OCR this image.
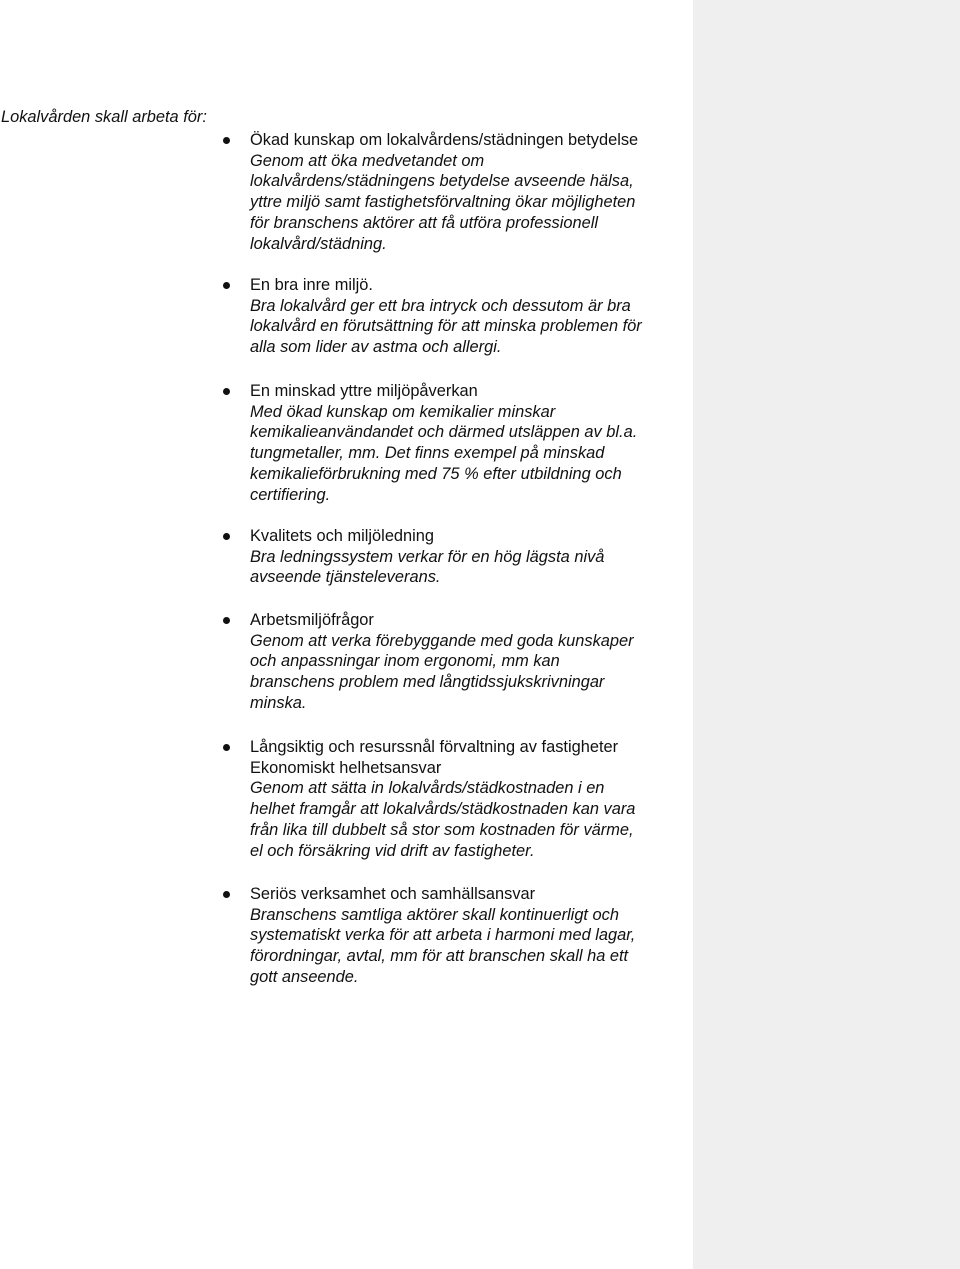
Lokalvården skall arbeta för:
Ökad kunskap om lokalvårdens/städningen betydelse
Genom att öka medvetandet om
lokalvårdens/städningens betydelse avseende hälsa,
yttre miljö samt fastighetsförvaltning ökar möjligheten
för branschens aktörer att få utföra professionell
lokalvård/städning.
En bra inre miljö.
Bra lokalvård ger ett bra intryck och dessutom är bra
lokalvård en förutsättning för att minska problemen för
alla som lider av astma och allergi.
En minskad yttre miljöpåverkan
Med ökad kunskap om kemikalier minskar
kemikalieanvändandet och därmed utsläppen av bl.a.
tungmetaller, mm. Det finns exempel på minskad
kemikalieförbrukning med 75 % efter utbildning och
certifiering.
Kvalitets och miljöledning
Bra ledningssystem verkar för en hög lägsta nivå
avseende tjänsteleverans.
Arbetsmiljöfrågor
Genom att verka förebyggande med goda kunskaper
och anpassningar inom ergonomi, mm kan
branschens problem med långtidssjukskrivningar
minska.
Långsiktig och resurssnål förvaltning av fastigheter
Ekonomiskt helhetsansvar
Genom att sätta in lokalvårds/städkostnaden i en
helhet framgår att lokalvårds/städkostnaden kan vara
från lika till dubbelt så stor som kostnaden för värme,
el och försäkring vid drift av fastigheter.
Seriös verksamhet och samhällsansvar
Branschens samtliga aktörer skall kontinuerligt och
systematiskt verka för att arbeta i harmoni med lagar,
förordningar, avtal, mm för att branschen skall ha ett
gott anseende.
